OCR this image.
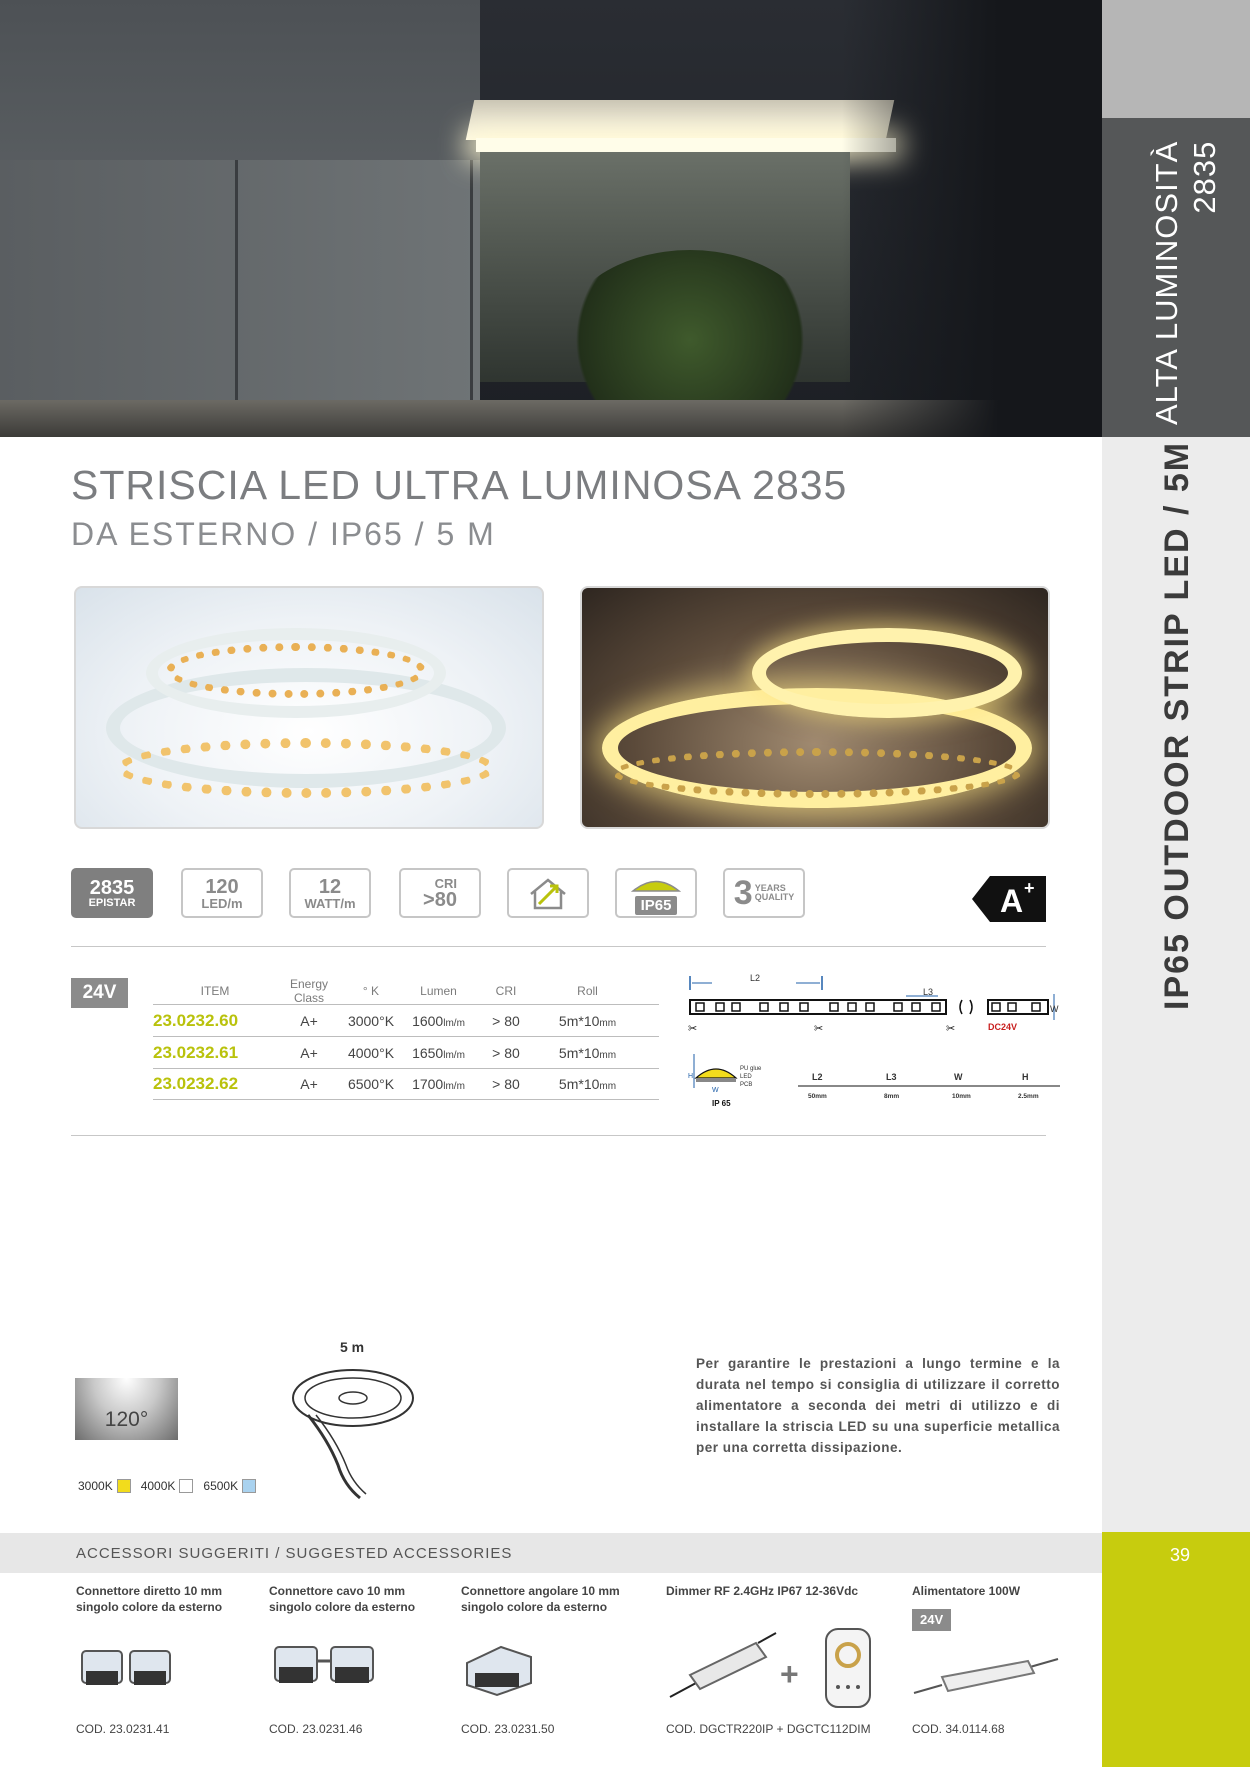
ALTA LUMINOSITÀ 2835
IP65 OUTDOOR STRIP LED / 5M
39
STRISCIA LED ULTRA LUMINOSA 2835
DA ESTERNO / IP65 / 5 M
2835
EPISTAR
120
LED/m
12
WATT/m
CRI
>80	IP65 3 YEARS
QUALITY	A +
24V	ITEM	Energy Class	° K	Lumen	CRI	Roll
23.0232.60	A+	3000°K	1600lm/m	> 80	5m*10mm
23.0232.61	A+	4000°K	1650lm/m	> 80	5m*10mm
23.0232.62	A+	6500°K	1700lm/m	> 80	5m*10mm
L2
L3
W
DC24V
✂	✂	✂
PU glue
LED
PCB
H
W
IP 65
L2	L3	W	H
50mm	8mm	10mm	2.5mm
120°
3000K 4000K 6500K
5 m
Per garantire le prestazioni a lungo termine e la durata nel tempo si consiglia di utilizzare il corretto alimentatore a seconda dei metri di utilizzo e di installare la striscia LED su una superficie metallica per una corretta dissipazione.
ACCESSORI SUGGERITI / SUGGESTED ACCESSORIES
Connettore diretto 10 mm singolo colore da esterno
COD. 23.0231.41
Connettore cavo 10 mm singolo colore da esterno
COD. 23.0231.46
Connettore angolare 10 mm singolo colore da esterno
COD. 23.0231.50
Dimmer RF 2.4GHz IP67 12-36Vdc
+
COD. DGCTR220IP + DGCTC112DIM
Alimentatore 100W
24V
COD. 34.0114.68
